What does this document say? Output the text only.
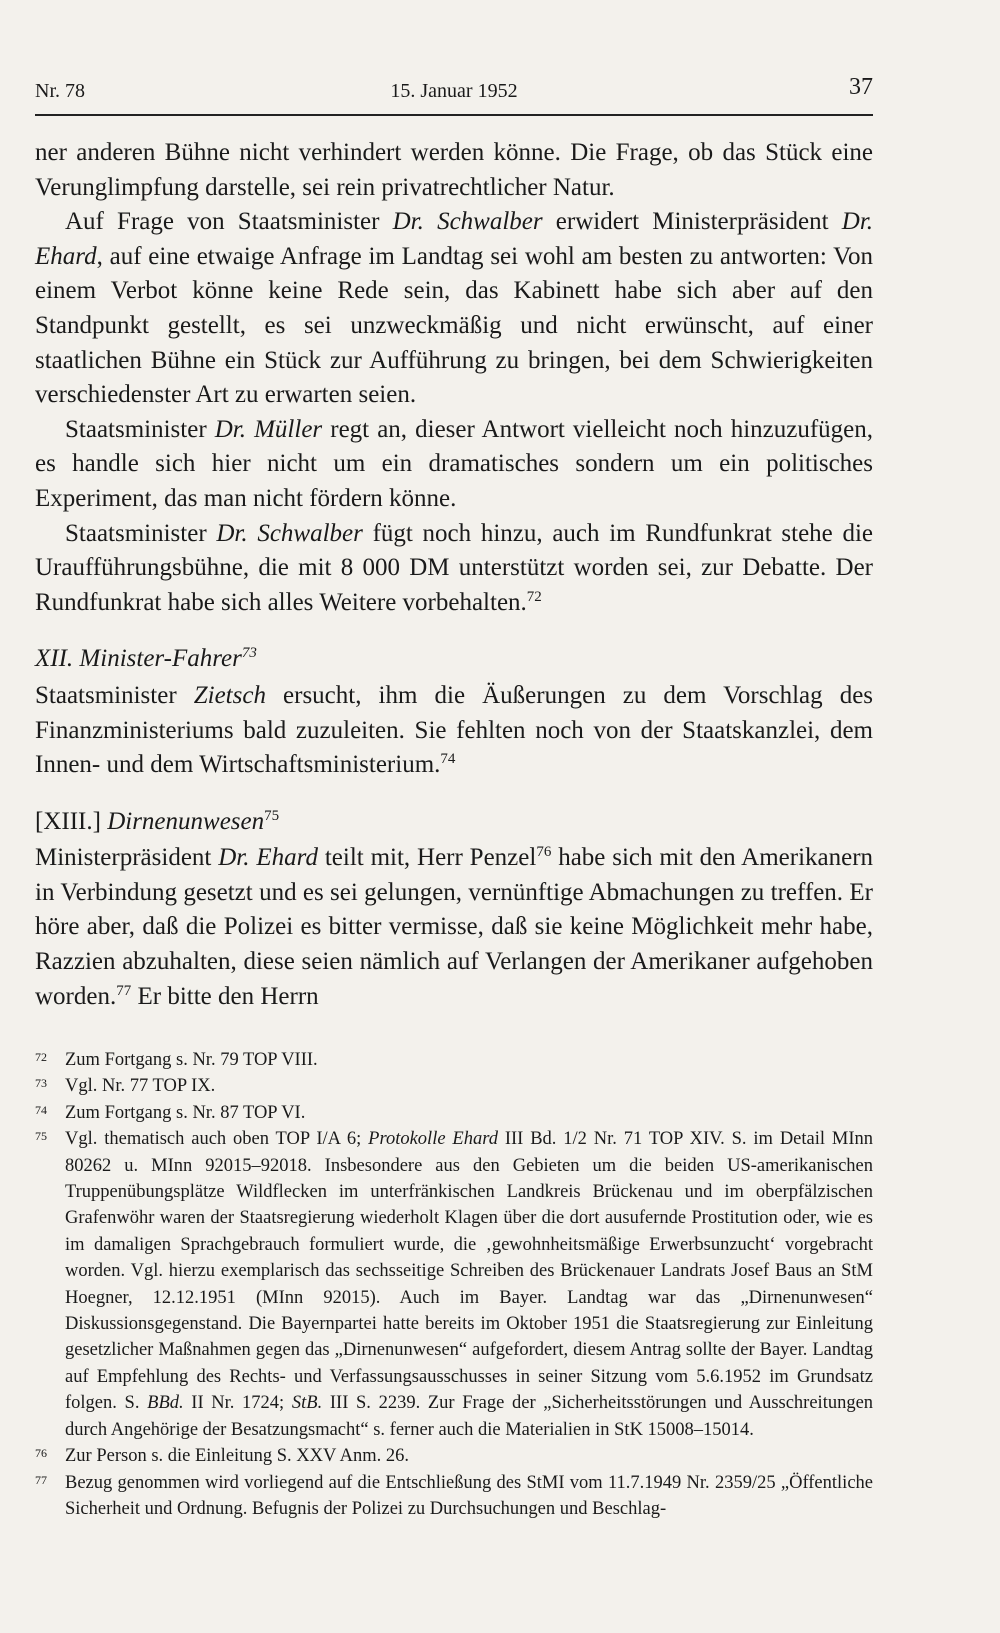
Nr. 78	15. Januar 1952	37

ner anderen Bühne nicht verhindert werden könne. Die Frage, ob das Stück eine Verunglimpfung darstelle, sei rein privatrechtlicher Natur.

Auf Frage von Staatsminister Dr. Schwalber erwidert Ministerpräsident Dr. Ehard, auf eine etwaige Anfrage im Landtag sei wohl am besten zu antworten: Von einem Verbot könne keine Rede sein, das Kabinett habe sich aber auf den Standpunkt gestellt, es sei unzweckmäßig und nicht erwünscht, auf einer staatlichen Bühne ein Stück zur Aufführung zu bringen, bei dem Schwierigkeiten verschiedenster Art zu erwarten seien.

Staatsminister Dr. Müller regt an, dieser Antwort vielleicht noch hinzuzufügen, es handle sich hier nicht um ein dramatisches sondern um ein politisches Experiment, das man nicht fördern könne.

Staatsminister Dr. Schwalber fügt noch hinzu, auch im Rundfunkrat stehe die Uraufführungsbühne, die mit 8 000 DM unterstützt worden sei, zur Debatte. Der Rundfunkrat habe sich alles Weitere vorbehalten.$^{72}$

XII. Minister-Fahrer$^{73}$

Staatsminister Zietsch ersucht, ihm die Äußerungen zu dem Vorschlag des Finanzministeriums bald zuzuleiten. Sie fehlten noch von der Staatskanzlei, dem Innen- und dem Wirtschaftsministerium.$^{74}$

[XIII.] Dirnenunwesen$^{75}$

Ministerpräsident Dr. Ehard teilt mit, Herr Penzel$^{76}$ habe sich mit den Amerikanern in Verbindung gesetzt und es sei gelungen, vernünftige Abmachungen zu treffen. Er höre aber, daß die Polizei es bitter vermisse, daß sie keine Möglichkeit mehr habe, Razzien abzuhalten, diese seien nämlich auf Verlangen der Amerikaner aufgehoben worden.$^{77}$ Er bitte den Herrn

72 Zum Fortgang s. Nr. 79 TOP VIII.
73 Vgl. Nr. 77 TOP IX.
74 Zum Fortgang s. Nr. 87 TOP VI.
75 Vgl. thematisch auch oben TOP I/A 6; Protokolle Ehard III Bd. 1/2 Nr. 71 TOP XIV. S. im Detail MInn 80262 u. MInn 92015–92018. Insbesondere aus den Gebieten um die beiden US-amerikanischen Truppenübungsplätze Wildflecken im unterfränkischen Landkreis Brückenau und im oberpfälzischen Grafenwöhr waren der Staatsregierung wiederholt Klagen über die dort ausufernde Prostitution oder, wie es im damaligen Sprachgebrauch formuliert wurde, die ‚gewohnheitsmäßige Erwerbsunzucht‘ vorgebracht worden. Vgl. hierzu exemplarisch das sechsseitige Schreiben des Brückenauer Landrats Josef Baus an StM Hoegner, 12.12.1951 (MInn 92015). Auch im Bayer. Landtag war das „Dirnenunwesen“ Diskussionsgegenstand. Die Bayernpartei hatte bereits im Oktober 1951 die Staatsregierung zur Einleitung gesetzlicher Maßnahmen gegen das „Dirnenunwesen“ aufgefordert, diesem Antrag sollte der Bayer. Landtag auf Empfehlung des Rechts- und Verfassungsausschusses in seiner Sitzung vom 5.6.1952 im Grundsatz folgen. S. BBd. II Nr. 1724; StB. III S. 2239. Zur Frage der „Sicherheitsstörungen und Ausschreitungen durch Angehörige der Besatzungsmacht“ s. ferner auch die Materialien in StK 15008–15014.
76 Zur Person s. die Einleitung S. XXV Anm. 26.
77 Bezug genommen wird vorliegend auf die Entschließung des StMI vom 11.7.1949 Nr. 2359/25 „Öffentliche Sicherheit und Ordnung. Befugnis der Polizei zu Durchsuchungen und Beschlag-
